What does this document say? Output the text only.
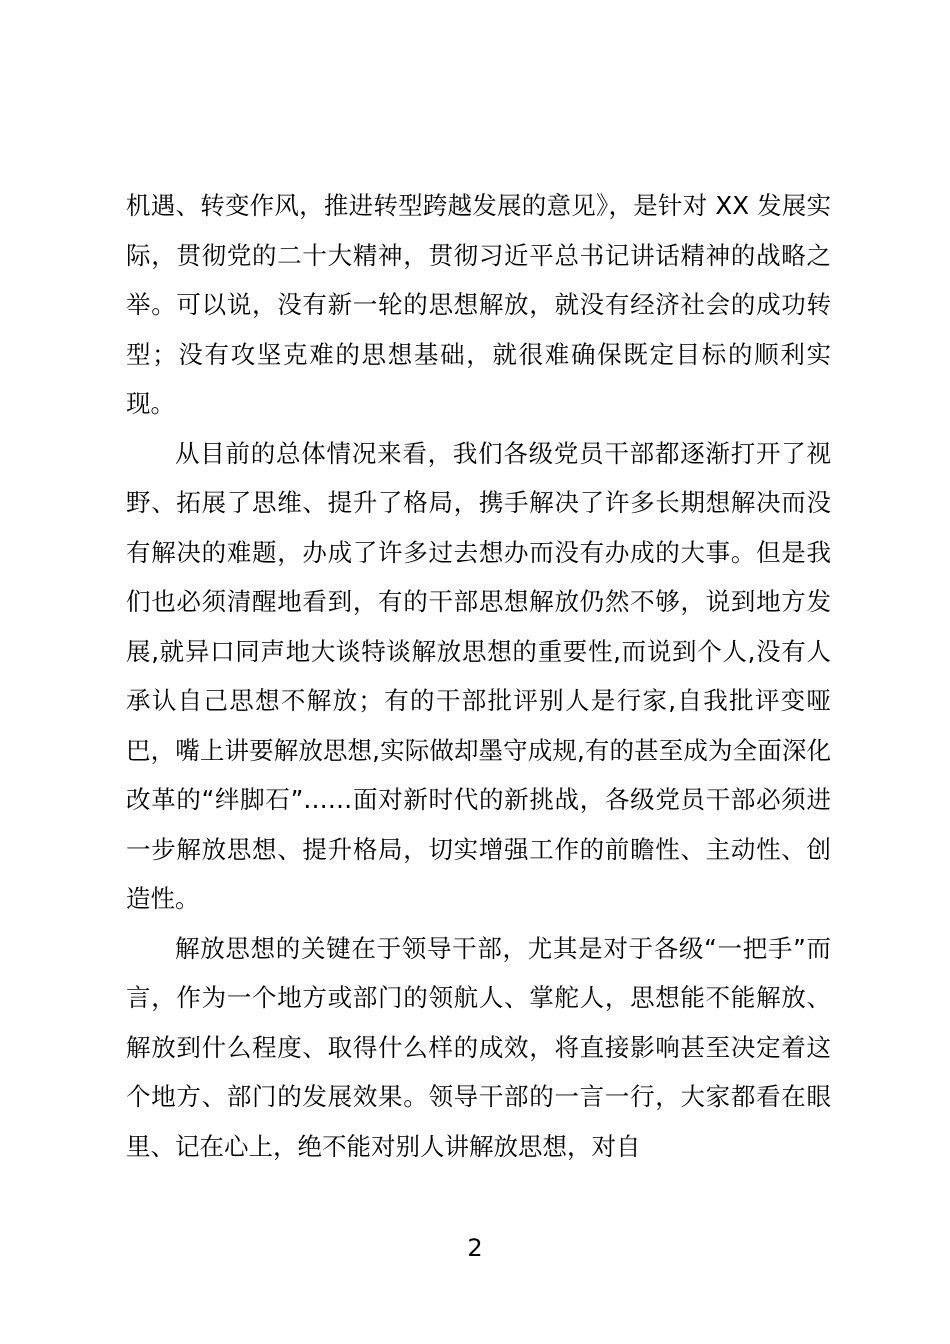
机遇、转变作风，推进转型跨越发展的意见》，是针对 XX 发展实际，贯彻党的二十大精神，贯彻习近平总书记讲话精神的战略之举。可以说，没有新一轮的思想解放，就没有经济社会的成功转型；没有攻坚克难的思想基础，就很难确保既定目标的顺利实现。

从目前的总体情况来看，我们各级党员干部都逐渐打开了视野、拓展了思维、提升了格局，携手解决了许多长期想解决而没有解决的难题，办成了许多过去想办而没有办成的大事。但是我们也必须清醒地看到，有的干部思想解放仍然不够，说到地方发展,就异口同声地大谈特谈解放思想的重要性,而说到个人,没有人承认自己思想不解放；有的干部批评别人是行家,自我批评变哑巴，嘴上讲要解放思想,实际做却墨守成规,有的甚至成为全面深化改革的“绊脚石”……面对新时代的新挑战，各级党员干部必须进一步解放思想、提升格局，切实增强工作的前瞻性、主动性、创造性。

解放思想的关键在于领导干部，尤其是对于各级“一把手”而言，作为一个地方或部门的领航人、掌舵人，思想能不能解放、解放到什么程度、取得什么样的成效，将直接影响甚至决定着这个地方、部门的发展效果。领导干部的一言一行，大家都看在眼里、记在心上，绝不能对别人讲解放思想，对自

2
